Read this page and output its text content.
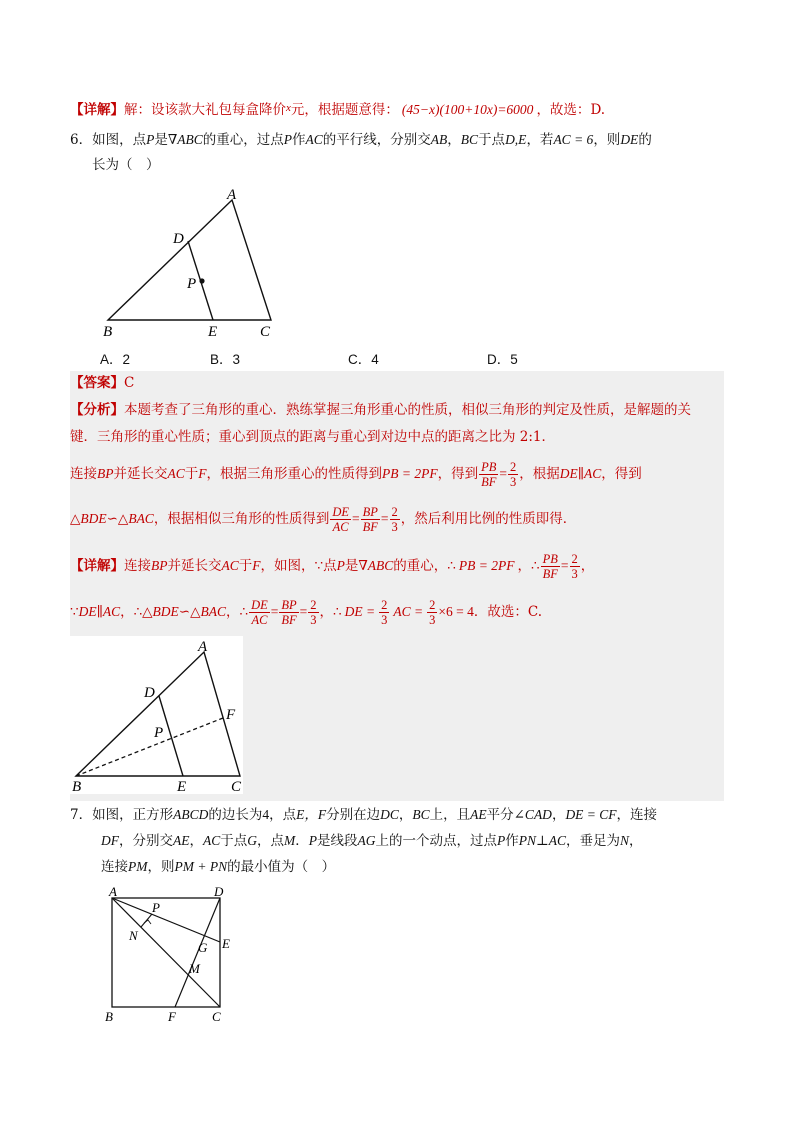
【详解】解：设该款大礼包每盒降价$^x$元，根据题意得： (45−x)(100+10x)=6000 ，故选：D.
6．如图，点P是∇ABC的重心，过点P作AC的平行线，分别交AB，BC于点D,E，若AC = 6，则DE的
长为（　）
A
D
P
B	E	C
A．2	B．3	C．4	D．5
【答案】C
【分析】本题考查了三角形的重心．熟练掌握三角形重心的性质，相似三角形的判定及性质，是解题的关
键．三角形的重心性质；重心到顶点的距离与重心到对边中点的距离之比为 2:1．
连接BP并延长交AC于F，根据三角形重心的性质得到PB = 2PF，得到 $\frac{PB}{BF} = \frac{2}{3}$ ，根据DE∥AC，得到
△BDE∽△BAC，根据相似三角形的性质得到 $\frac{DE}{AC} = \frac{BP}{BF} = \frac{2}{3}$ ，然后利用比例的性质即得．
【详解】连接BP并延长交AC于F，如图，∵点P是∇ABC的重心，∴ PB = 2PF ，∴ $\frac{PB}{BF} = \frac{2}{3}$ ，
∵DE∥AC，∴△BDE∽△BAC，∴ $\frac{DE}{AC} = \frac{BP}{BF} = \frac{2}{3}$ ，∴ DE = $\frac{2}{3}$ AC = $\frac{2}{3} \times 6 = 4$．故选：C.
A
D
F
P
B	E	C
7．如图，正方形ABCD的边长为4，点E，F分别在边DC，BC上，且AE平分∠CAD，DE = CF，连接
DF，分别交AE，AC于点G，点M．P是线段AG上的一个动点，过点P作PN⊥AC，垂足为N，
连接PM，则PM + PN的最小值为（　）
A	D
P
N
G E
M
B	F	C
